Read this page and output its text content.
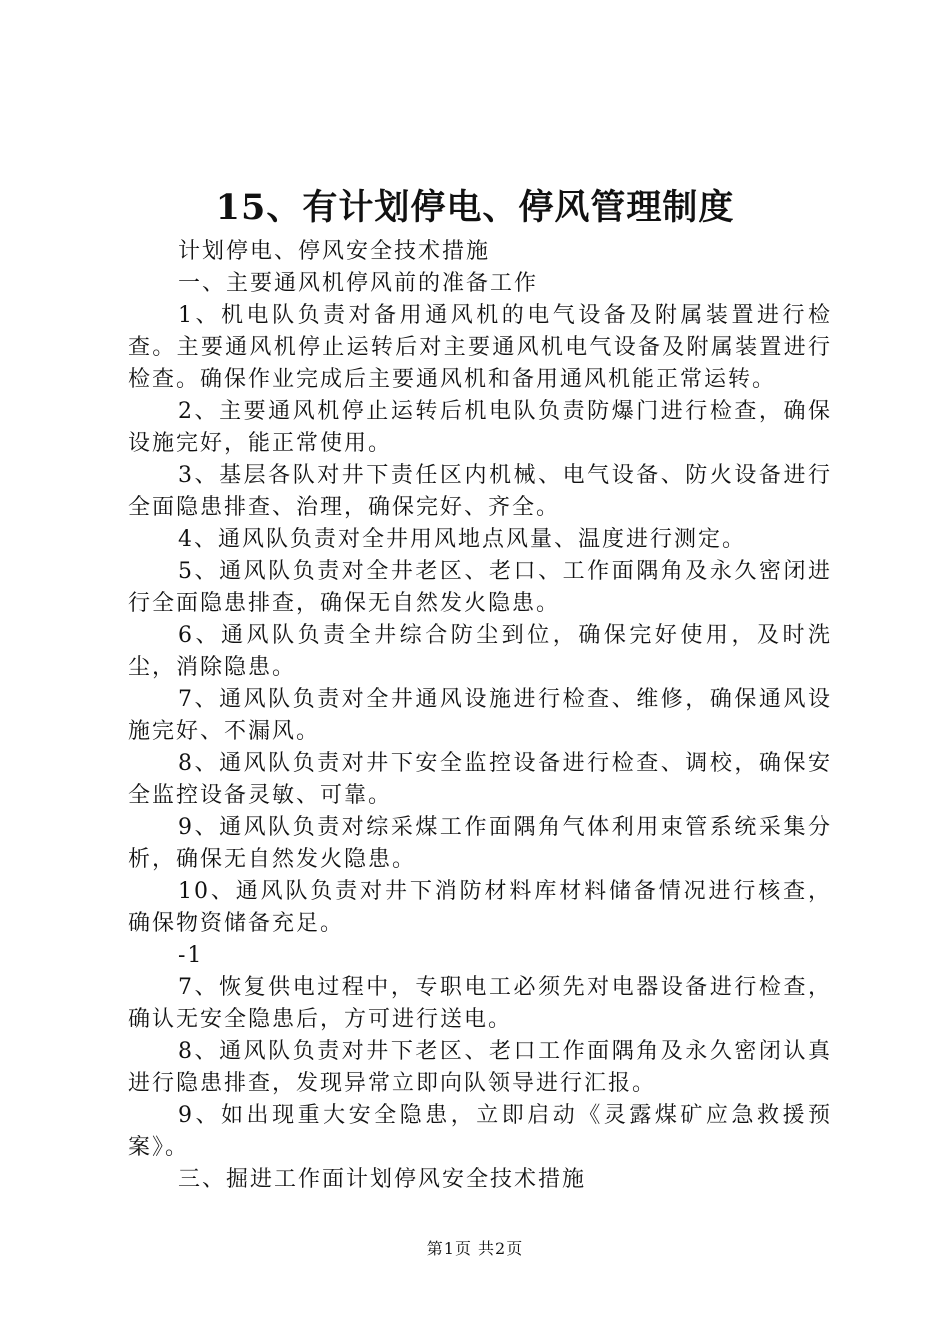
15、有计划停电、停风管理制度

计划停电、停风安全技术措施

一、主要通风机停风前的准备工作

1、机电队负责对备用通风机的电气设备及附属装置进行检查。主要通风机停止运转后对主要通风机电气设备及附属装置进行检查。确保作业完成后主要通风机和备用通风机能正常运转。

2、主要通风机停止运转后机电队负责防爆门进行检查，确保设施完好，能正常使用。

3、基层各队对井下责任区内机械、电气设备、防火设备进行全面隐患排查、治理，确保完好、齐全。

4、通风队负责对全井用风地点风量、温度进行测定。

5、通风队负责对全井老区、老口、工作面隅角及永久密闭进行全面隐患排查，确保无自然发火隐患。

6、通风队负责全井综合防尘到位，确保完好使用，及时洗尘，消除隐患。

7、通风队负责对全井通风设施进行检查、维修，确保通风设施完好、不漏风。

8、通风队负责对井下安全监控设备进行检查、调校，确保安全监控设备灵敏、可靠。

9、通风队负责对综采煤工作面隅角气体利用束管系统采集分析，确保无自然发火隐患。

10、通风队负责对井下消防材料库材料储备情况进行核查，确保物资储备充足。

-1

7、恢复供电过程中，专职电工必须先对电器设备进行检查，确认无安全隐患后，方可进行送电。

8、通风队负责对井下老区、老口工作面隅角及永久密闭认真进行隐患排查，发现异常立即向队领导进行汇报。

9、如出现重大安全隐患，立即启动《灵露煤矿应急救援预案》。

三、掘进工作面计划停风安全技术措施

第1页 共2页
